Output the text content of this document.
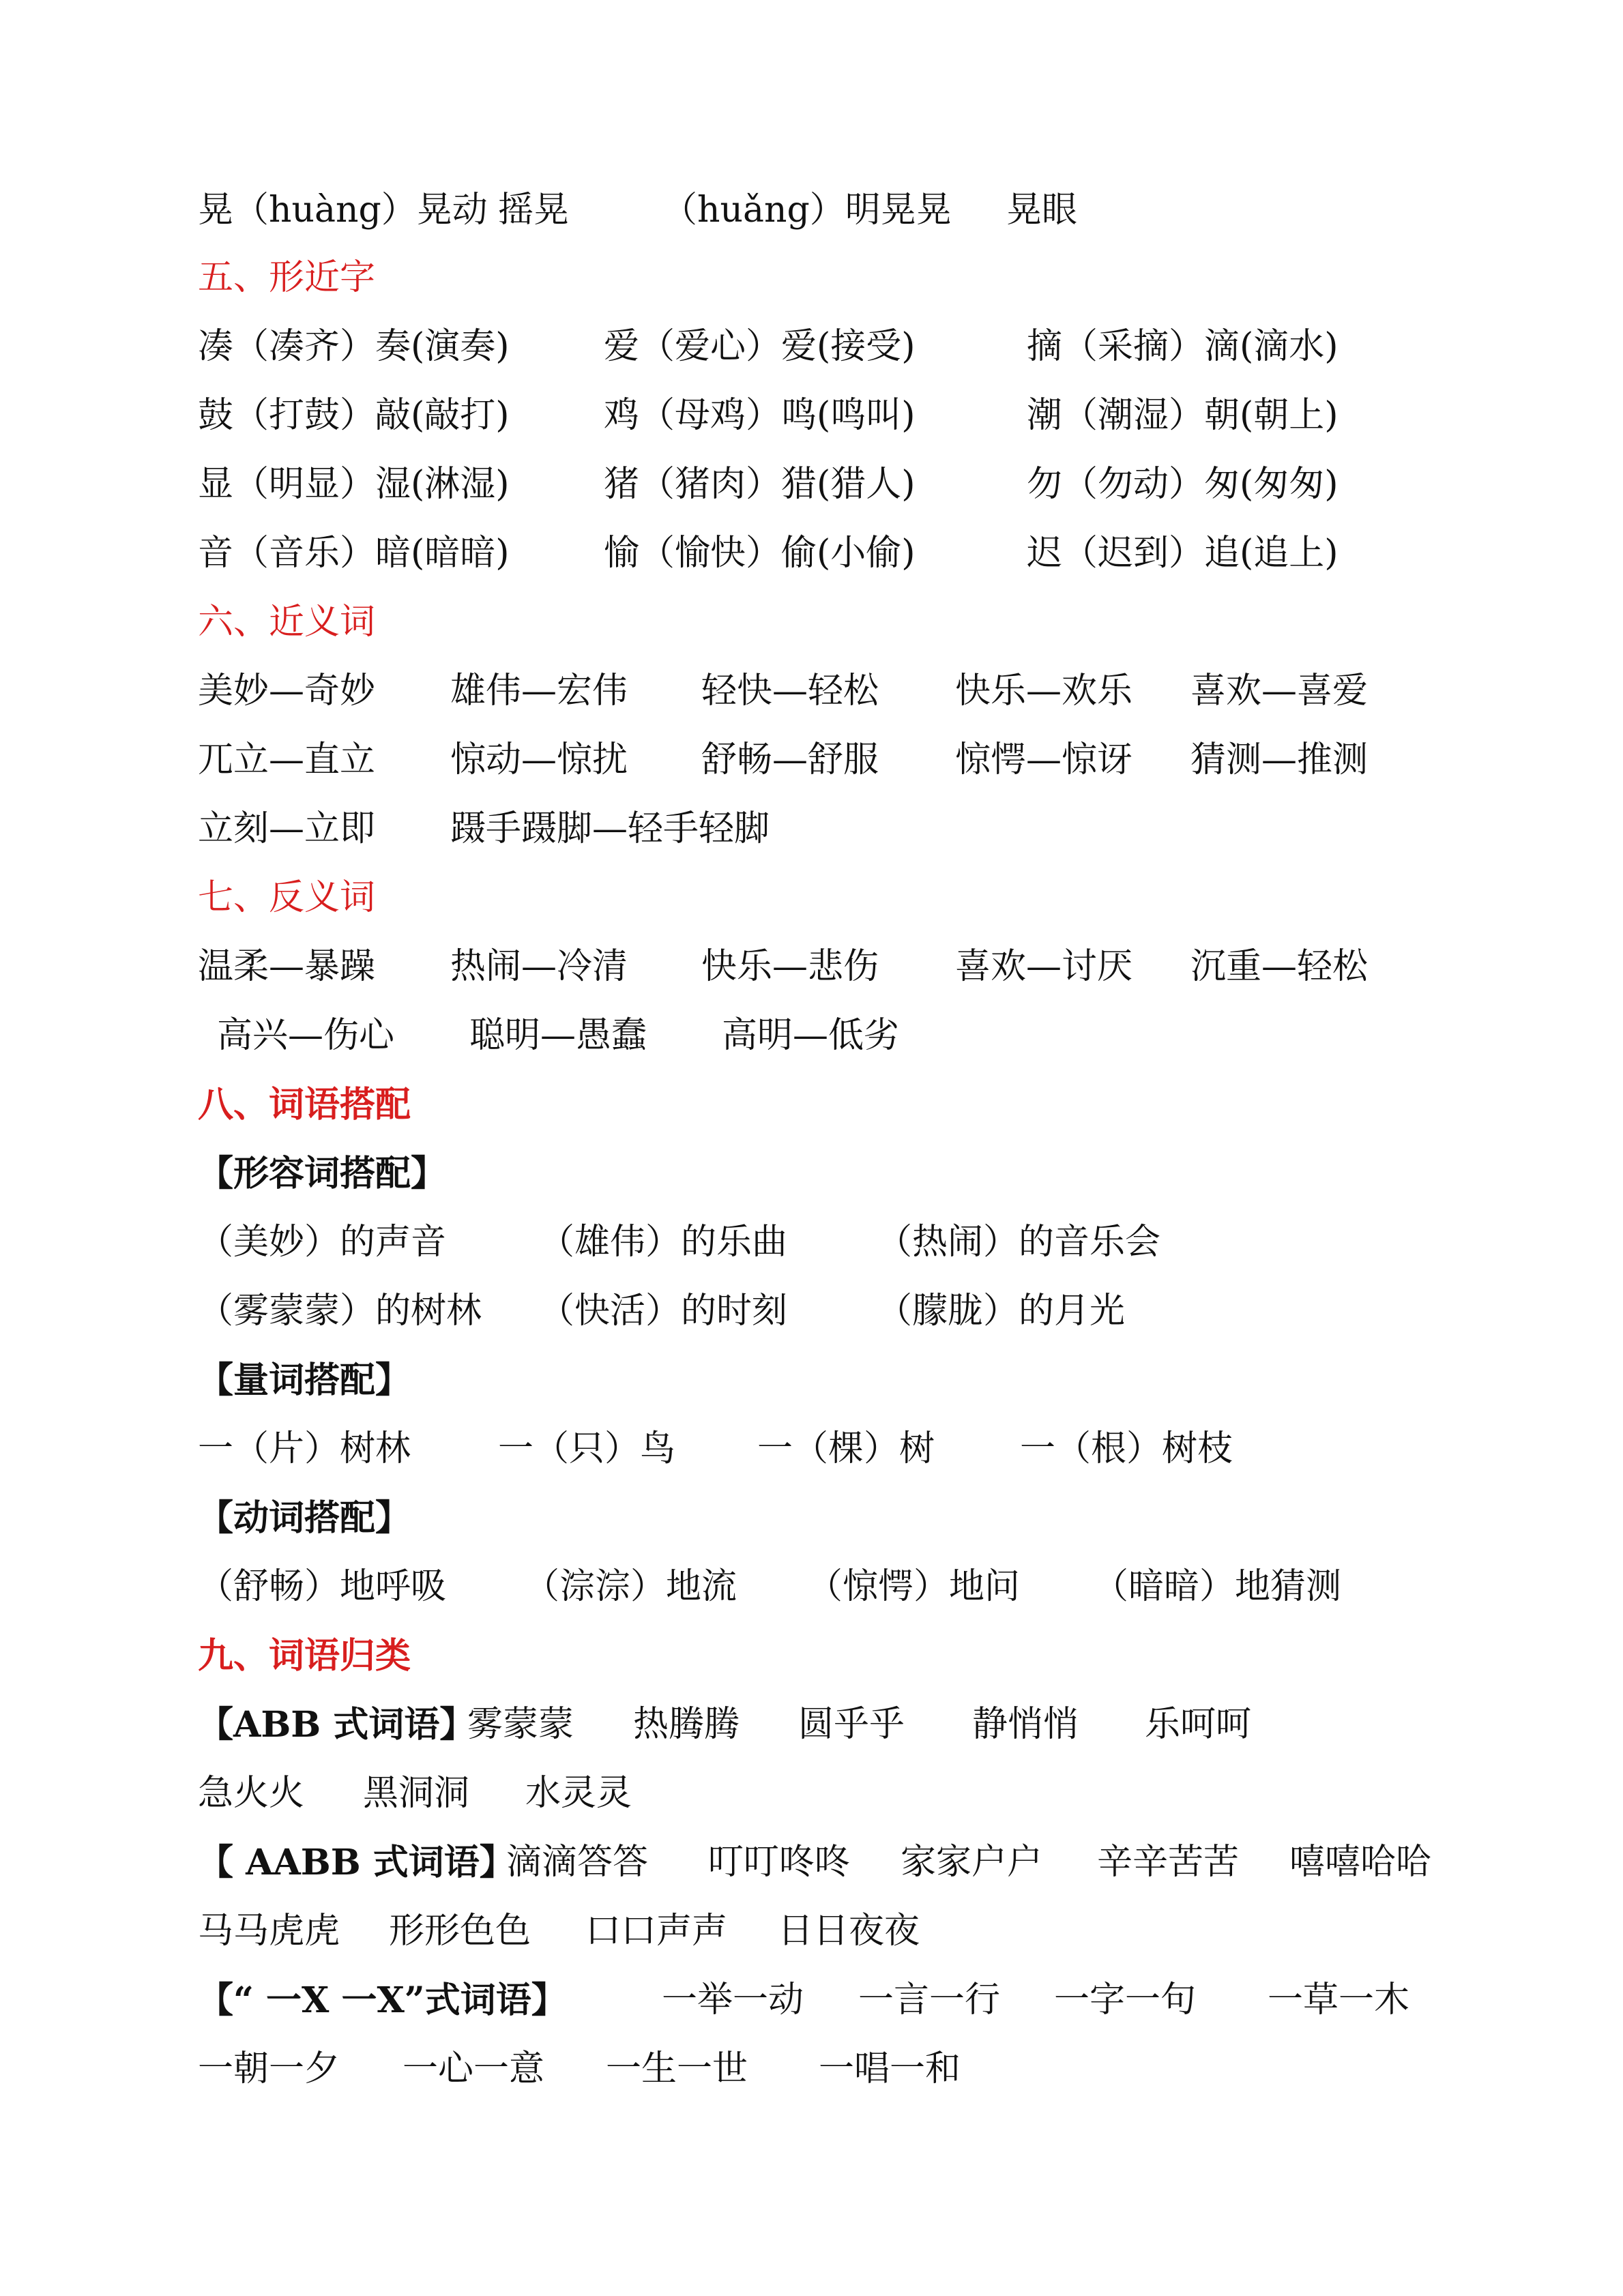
晃（huàng）晃动 摇晃	（huǎng）明晃晃 晃眼
五、形近字
凑（凑齐）奏(演奏)	爱（爱心）爱(接受)	摘（采摘）滴(滴水)
鼓（打鼓）敲(敲打)	鸡（母鸡）鸣(鸣叫)	潮（潮湿）朝(朝上)
显（明显）湿(淋湿)	猪（猪肉）猎(猎人)	勿（勿动）匆(匆匆)
音（音乐）暗(暗暗)	愉（愉快）偷(小偷)	迟（迟到）追(追上)
六、近义词
美妙—奇妙 雄伟—宏伟 轻快—轻松 快乐—欢乐 喜欢—喜爱
兀立—直立 惊动—惊扰 舒畅—舒服 惊愕—惊讶 猜测—推测
立刻—立即 蹑手蹑脚—轻手轻脚
七、反义词
温柔—暴躁 热闹—冷清 快乐—悲伤 喜欢—讨厌 沉重—轻松
高兴—伤心 聪明—愚蠢 高明—低劣
八、词语搭配
【形容词搭配】
（美妙）的声音	（雄伟）的乐曲	（热闹）的音乐会
（雾蒙蒙）的树林 （快活）的时刻	（朦胧）的月光
【量词搭配】
一（片）树林 一（只）鸟 一（棵）树 一（根）树枝
【动词搭配】
（舒畅）地呼吸 （淙淙）地流 （惊愕）地问 （暗暗）地猜测
九、词语归类
【ABB 式词语】
雾蒙蒙 热腾腾 圆乎乎 静悄悄 乐呵呵
急火火 黑洞洞 水灵灵
【 AABB 式词语】
滴滴答答 叮叮咚咚 家家户户 辛辛苦苦 嘻嘻哈哈
马马虎虎 形形色色 口口声声 日日夜夜
【“ 一X 一X”式词语】	一举一动 一言一行 一字一句 一草一木
一朝一夕 一心一意 一生一世 一唱一和
